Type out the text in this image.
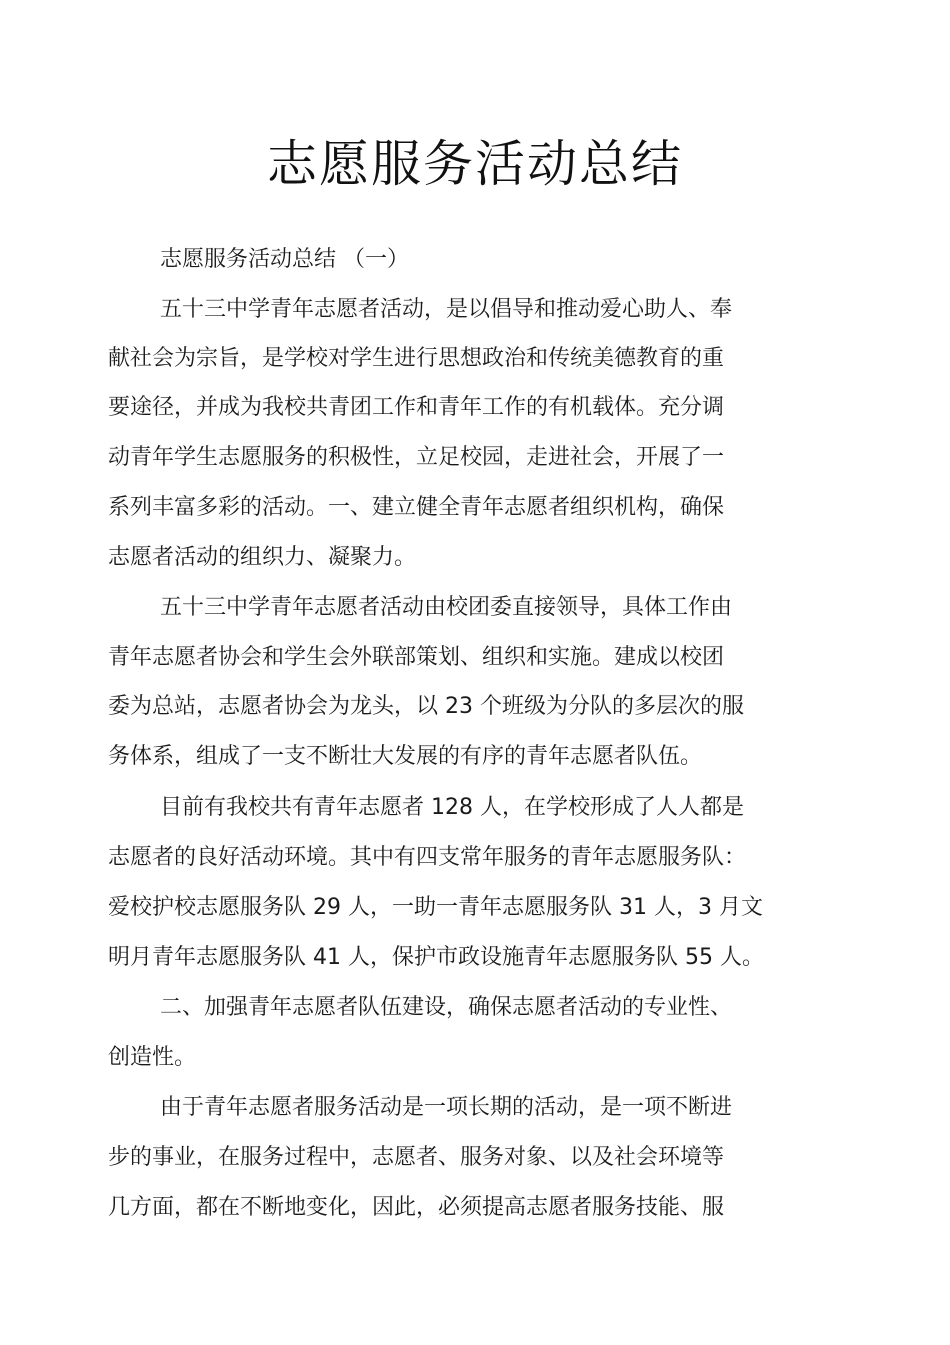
志愿服务活动总结
志愿服务活动总结 （一）
五十三中学青年志愿者活动，是以倡导和推动爱心助人、奉
献社会为宗旨，是学校对学生进行思想政治和传统美德教育的重
要途径，并成为我校共青团工作和青年工作的有机载体。充分调
动青年学生志愿服务的积极性，立足校园，走进社会，开展了一
系列丰富多彩的活动。一、建立健全青年志愿者组织机构，确保
志愿者活动的组织力、凝聚力。
五十三中学青年志愿者活动由校团委直接领导，具体工作由
青年志愿者协会和学生会外联部策划、组织和实施。建成以校团
委为总站，志愿者协会为龙头，以 23 个班级为分队的多层次的服
务体系，组成了一支不断壮大发展的有序的青年志愿者队伍。
目前有我校共有青年志愿者 128 人，在学校形成了人人都是
志愿者的良好活动环境。其中有四支常年服务的青年志愿服务队：
爱校护校志愿服务队 29 人，一助一青年志愿服务队 31 人，3 月文
明月青年志愿服务队 41 人，保护市政设施青年志愿服务队 55 人。
二、加强青年志愿者队伍建设，确保志愿者活动的专业性、
创造性。
由于青年志愿者服务活动是一项长期的活动，是一项不断进
步的事业，在服务过程中，志愿者、服务对象、以及社会环境等
几方面，都在不断地变化，因此，必须提高志愿者服务技能、服
